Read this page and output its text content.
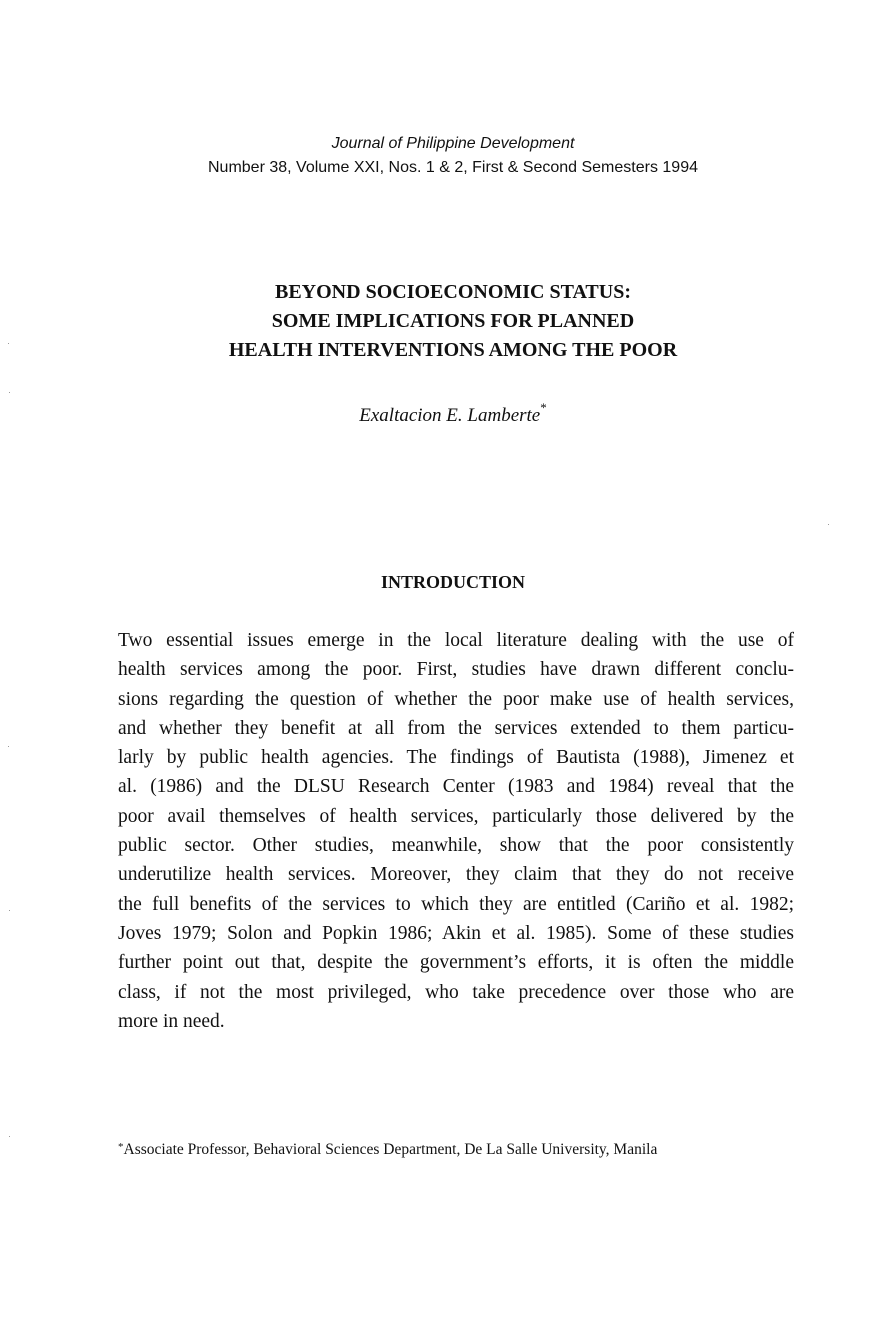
Journal of Philippine Development
Number 38, Volume XXI, Nos. 1 & 2, First & Second Semesters 1994
BEYOND SOCIOECONOMIC STATUS:
SOME IMPLICATIONS FOR PLANNED
HEALTH INTERVENTIONS AMONG THE POOR
Exaltacion E. Lamberte*
INTRODUCTION
Two essential issues emerge in the local literature dealing with the use of
health services among the poor. First, studies have drawn different conclu-
sions regarding the question of whether the poor make use of health services,
and whether they benefit at all from the services extended to them particu-
larly by public health agencies. The findings of Bautista (1988), Jimenez et
al. (1986) and the DLSU Research Center (1983 and 1984) reveal that the
poor avail themselves of health services, particularly those delivered by the
public sector. Other studies, meanwhile, show that the poor consistently
underutilize health services. Moreover, they claim that they do not receive
the full benefits of the services to which they are entitled (Cariño et al. 1982;
Joves 1979; Solon and Popkin 1986; Akin et al. 1985). Some of these studies
further point out that, despite the government’s efforts, it is often the middle
class, if not the most privileged, who take precedence over those who are
more in need.
*Associate Professor, Behavioral Sciences Department, De La Salle University, Manila
